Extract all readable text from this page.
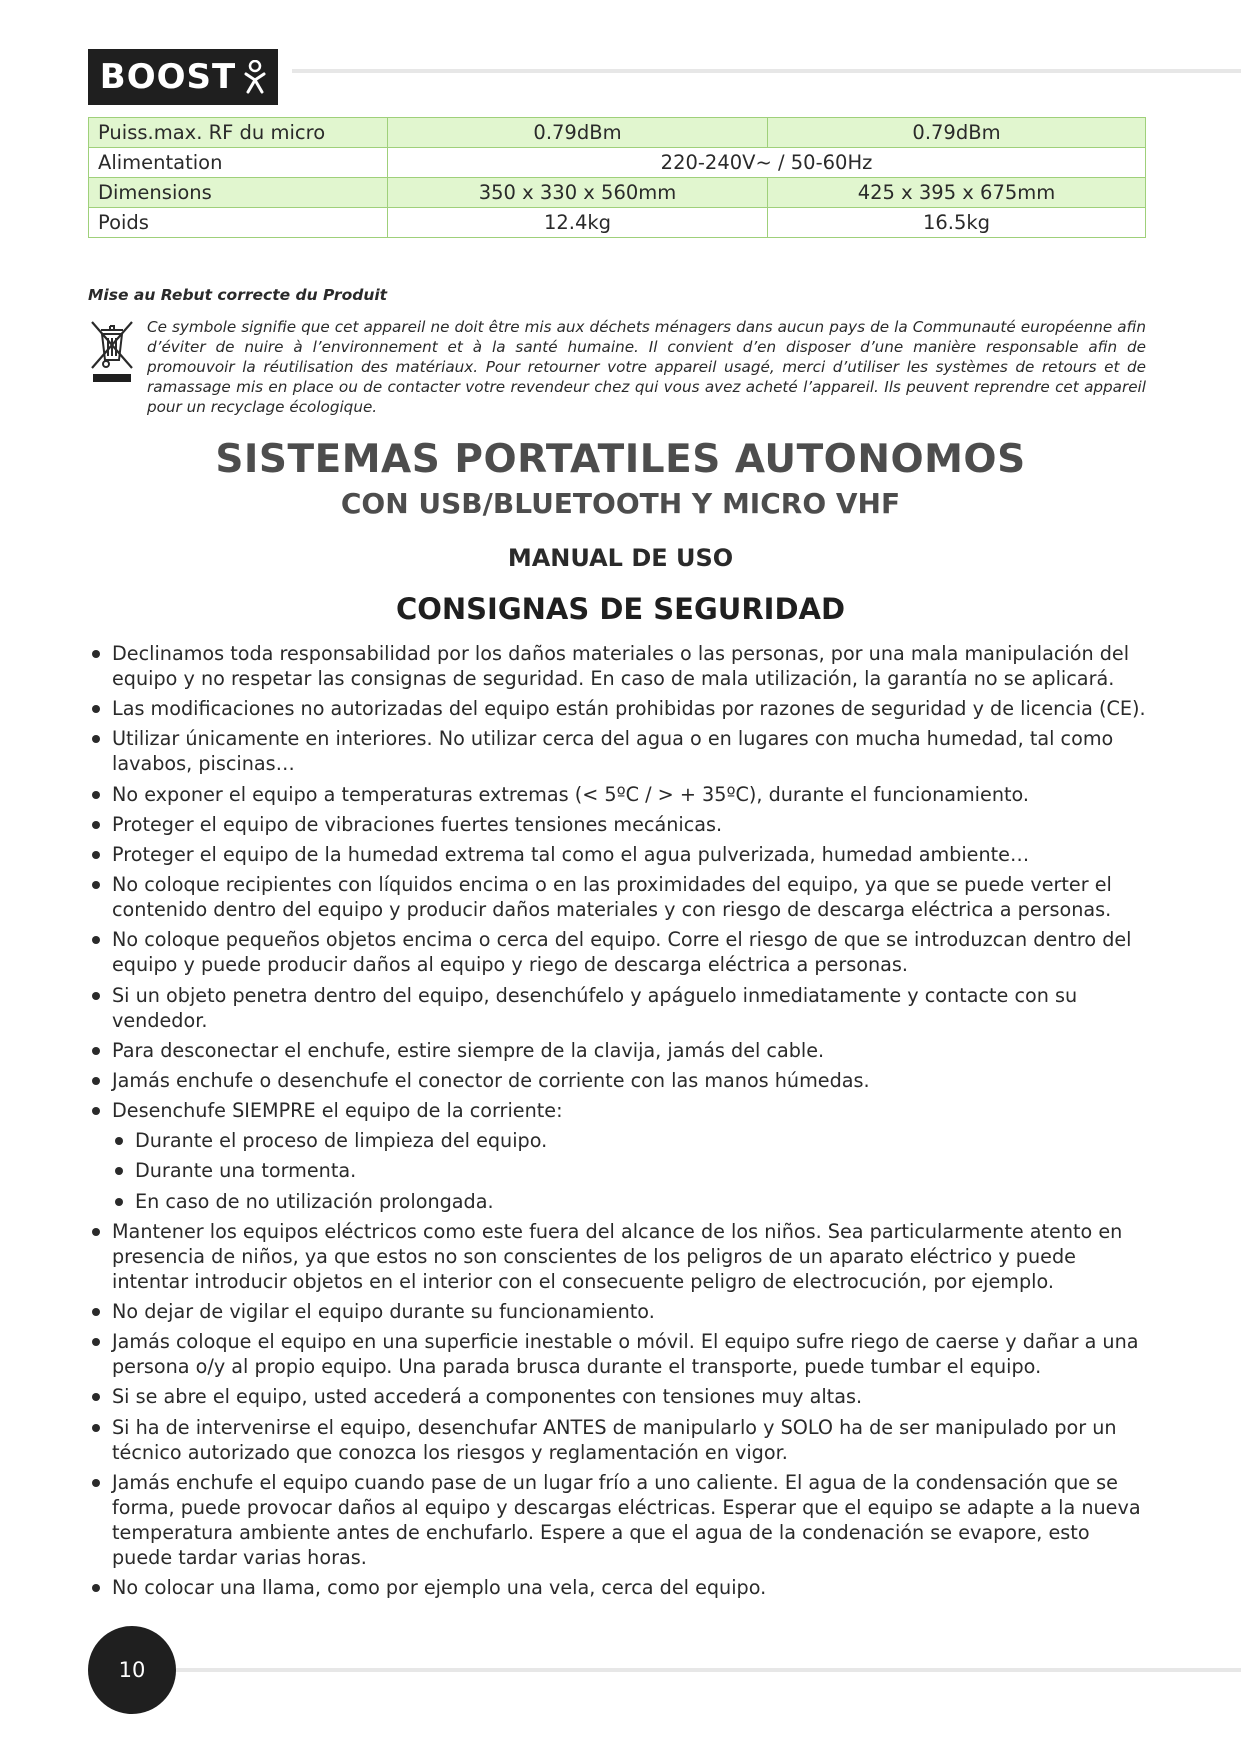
BOOST
Puiss.max. RF du micro	0.79dBm	0.79dBm
Alimentation	220-240V~ / 50-60Hz	
Dimensions	350 x 330 x 560mm	425 x 395 x 675mm
Poids	12.4kg	16.5kg
Mise au Rebut correcte du Produit
Ce symbole signifie que cet appareil ne doit être mis aux déchets ménagers dans aucun pays de la Communauté européenne afin d’éviter de nuire à l’environnement et à la santé humaine. Il convient d’en disposer d’une manière responsable afin de promouvoir la réutilisation des matériaux. Pour retourner votre appareil usagé, merci d’utiliser les systèmes de retours et de ramassage mis en place ou de contacter votre revendeur chez qui vous avez acheté l’appareil. Ils peuvent reprendre cet appareil pour un recyclage écologique.
SISTEMAS PORTATILES AUTONOMOS
CON USB/BLUETOOTH Y MICRO VHF
MANUAL DE USO
CONSIGNAS DE SEGURIDAD
Declinamos toda responsabilidad por los daños materiales o las personas, por una mala manipulación del equipo y no respetar las consignas de seguridad. En caso de mala utilización, la garantía no se aplicará.
Las modificaciones no autorizadas del equipo están prohibidas por razones de seguridad y de licencia (CE).
Utilizar únicamente en interiores. No utilizar cerca del agua o en lugares con mucha humedad, tal como lavabos, piscinas…
No exponer el equipo a temperaturas extremas (< 5ºC / > + 35ºC), durante el funcionamiento.
Proteger el equipo de vibraciones fuertes tensiones mecánicas.
Proteger el equipo de la humedad extrema tal como el agua pulverizada, humedad ambiente…
No coloque recipientes con líquidos encima o en las proximidades del equipo, ya que se puede verter el contenido dentro del equipo y producir daños materiales y con riesgo de descarga eléctrica a personas.
No coloque pequeños objetos encima o cerca del equipo. Corre el riesgo de que se introduzcan dentro del equipo y puede producir daños al equipo y riego de descarga eléctrica a personas.
Si un objeto penetra dentro del equipo, desenchúfelo y apáguelo inmediatamente y contacte con su vendedor.
Para desconectar el enchufe, estire siempre de la clavija, jamás del cable.
Jamás enchufe o desenchufe el conector de corriente con las manos húmedas.
Desenchufe SIEMPRE el equipo de la corriente:
Durante el proceso de limpieza del equipo.
Durante una tormenta.
En caso de no utilización prolongada.
Mantener los equipos eléctricos como este fuera del alcance de los niños. Sea particularmente atento en presencia de niños, ya que estos no son conscientes de los peligros de un aparato eléctrico y puede intentar introducir objetos en el interior con el consecuente peligro de electrocución, por ejemplo.
No dejar de vigilar el equipo durante su funcionamiento.
Jamás coloque el equipo en una superficie inestable o móvil. El equipo sufre riego de caerse y dañar a una persona o/y al propio equipo. Una parada brusca durante el transporte, puede tumbar el equipo.
Si se abre el equipo, usted accederá a componentes con tensiones muy altas.
Si ha de intervenirse el equipo, desenchufar ANTES de manipularlo y SOLO ha de ser manipulado por un técnico autorizado que conozca los riesgos y reglamentación en vigor.
Jamás enchufe el equipo cuando pase de un lugar frío a uno caliente. El agua de la condensación que se forma, puede provocar daños al equipo y descargas eléctricas. Esperar que el equipo se adapte a la nueva temperatura ambiente antes de enchufarlo. Espere a que el agua de la condenación se evapore, esto puede tardar varias horas.
No colocar una llama, como por ejemplo una vela, cerca del equipo.
10
